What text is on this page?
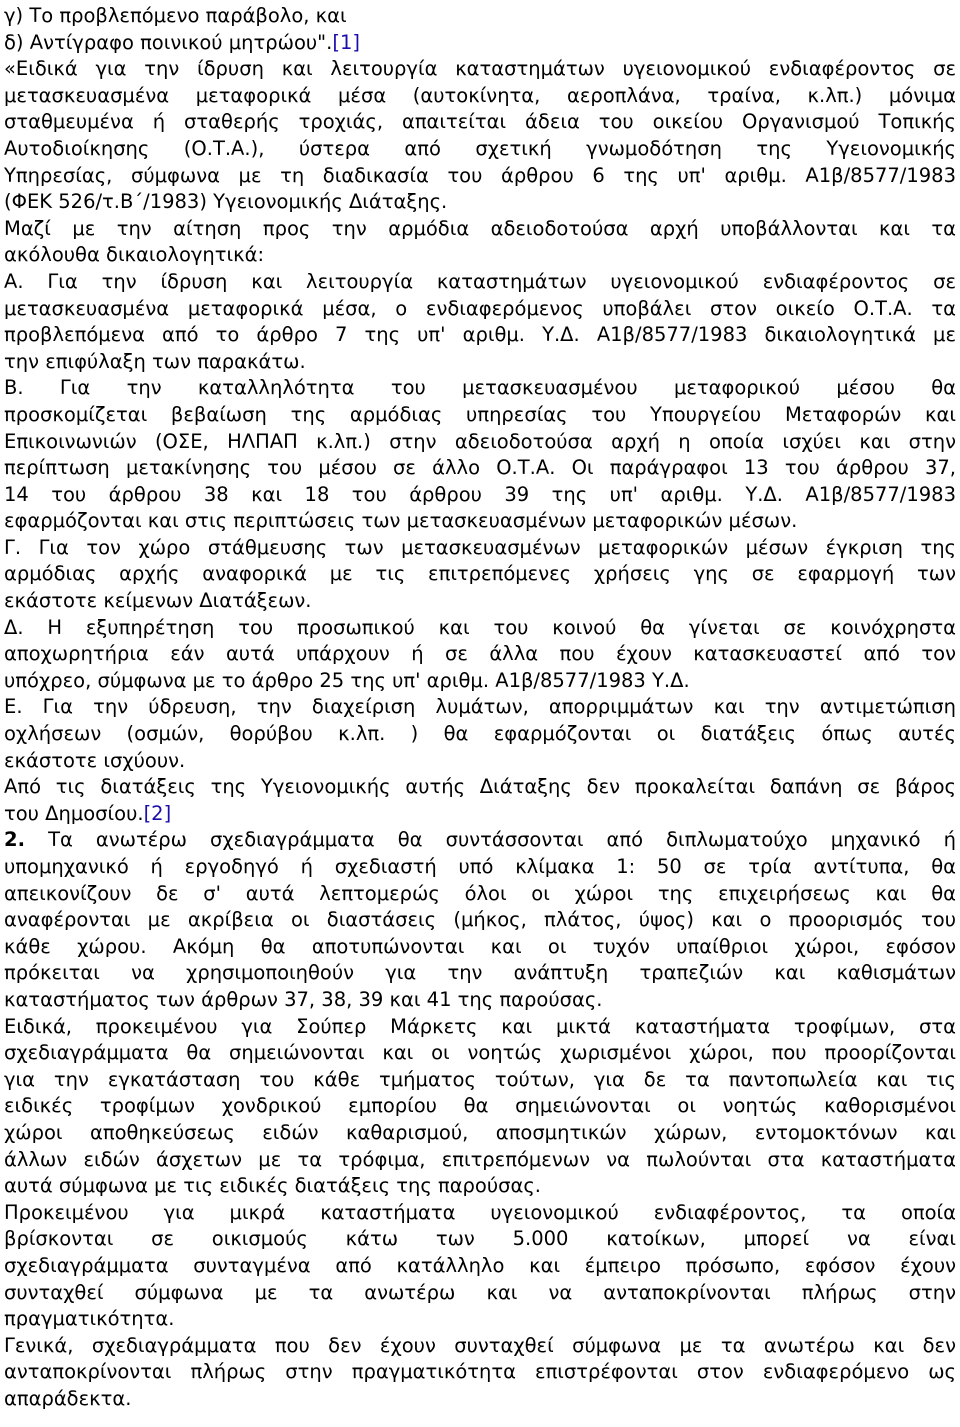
γ) Το προβλεπόμενο παράβολο, και
δ) Αντίγραφο ποινικού μητρώου".[1]
«Ειδικά για την ίδρυση και λειτουργία καταστημάτων υγειονομικού ενδιαφέροντος σε
μετασκευασμένα μεταφορικά μέσα (αυτοκίνητα, αεροπλάνα, τραίνα, κ.λπ.) μόνιμα
σταθμευμένα ή σταθερής τροχιάς, απαιτείται άδεια του οικείου Οργανισμού Τοπικής
Αυτοδιοίκησης (Ο.Τ.Α.), ύστερα από σχετική γνωμοδότηση της Υγειονομικής
Υπηρεσίας, σύμφωνα με τη διαδικασία του άρθρου 6 της υπ' αριθμ. Α1β/8577/1983
(ΦΕΚ 526/τ.Β΄/1983) Υγειονομικής Διάταξης.
Μαζί με την αίτηση προς την αρμόδια αδειοδοτούσα αρχή υποβάλλονται και τα
ακόλουθα δικαιολογητικά:
Α. Για την ίδρυση και λειτουργία καταστημάτων υγειονομικού ενδιαφέροντος σε
μετασκευασμένα μεταφορικά μέσα, ο ενδιαφερόμενος υποβάλει στον οικείο Ο.Τ.Α. τα
προβλεπόμενα από το άρθρο 7 της υπ' αριθμ. Υ.Δ. Α1β/8577/1983 δικαιολογητικά με
την επιφύλαξη των παρακάτω.
Β. Για την καταλληλότητα του μετασκευασμένου μεταφορικού μέσου θα
προσκομίζεται βεβαίωση της αρμόδιας υπηρεσίας του Υπουργείου Μεταφορών και
Επικοινωνιών (ΟΣΕ, ΗΛΠΑΠ κ.λπ.) στην αδειοδοτούσα αρχή η οποία ισχύει και στην
περίπτωση μετακίνησης του μέσου σε άλλο Ο.Τ.Α. Οι παράγραφοι 13 του άρθρου 37,
14 του άρθρου 38 και 18 του άρθρου 39 της υπ' αριθμ. Υ.Δ. Α1β/8577/1983
εφαρμόζονται και στις περιπτώσεις των μετασκευασμένων μεταφορικών μέσων.
Γ. Για τον χώρο στάθμευσης των μετασκευασμένων μεταφορικών μέσων έγκριση της
αρμόδιας αρχής αναφορικά με τις επιτρεπόμενες χρήσεις γης σε εφαρμογή των
εκάστοτε κείμενων Διατάξεων.
Δ. Η εξυπηρέτηση του προσωπικού και του κοινού θα γίνεται σε κοινόχρηστα
αποχωρητήρια εάν αυτά υπάρχουν ή σε άλλα που έχουν κατασκευαστεί από τον
υπόχρεο, σύμφωνα με το άρθρο 25 της υπ' αριθμ. Α1β/8577/1983 Υ.Δ.
Ε. Για την ύδρευση, την διαχείριση λυμάτων, απορριμμάτων και την αντιμετώπιση
οχλήσεων (οσμών, θορύβου κ.λπ. ) θα εφαρμόζονται οι διατάξεις όπως αυτές
εκάστοτε ισχύουν.
Από τις διατάξεις της Υγειονομικής αυτής Διάταξης δεν προκαλείται δαπάνη σε βάρος
του Δημοσίου.[2]
2. Τα ανωτέρω σχεδιαγράμματα θα συντάσσονται από διπλωματούχο μηχανικό ή
υπομηχανικό ή εργοδηγό ή σχεδιαστή υπό κλίμακα 1: 50 σε τρία αντίτυπα, θα
απεικονίζουν δε σ' αυτά λεπτομερώς όλοι οι χώροι της επιχειρήσεως και θα
αναφέρονται με ακρίβεια οι διαστάσεις (μήκος, πλάτος, ύψος) και ο προορισμός του
κάθε χώρου. Ακόμη θα αποτυπώνονται και οι τυχόν υπαίθριοι χώροι, εφόσον
πρόκειται να χρησιμοποιηθούν για την ανάπτυξη τραπεζιών και καθισμάτων
καταστήματος των άρθρων 37, 38, 39 και 41 της παρούσας.
Ειδικά, προκειμένου για Σούπερ Μάρκετς και μικτά καταστήματα τροφίμων, στα
σχεδιαγράμματα θα σημειώνονται και οι νοητώς χωρισμένοι χώροι, που προορίζονται
για την εγκατάσταση του κάθε τμήματος τούτων, για δε τα παντοπωλεία και τις
ειδικές τροφίμων χονδρικού εμπορίου θα σημειώνονται οι νοητώς καθορισμένοι
χώροι αποθηκεύσεως ειδών καθαρισμού, αποσμητικών χώρων, εντομοκτόνων και
άλλων ειδών άσχετων με τα τρόφιμα, επιτρεπόμενων να πωλούνται στα καταστήματα
αυτά σύμφωνα με τις ειδικές διατάξεις της παρούσας.
Προκειμένου για μικρά καταστήματα υγειονομικού ενδιαφέροντος, τα οποία
βρίσκονται σε οικισμούς κάτω των 5.000 κατοίκων, μπορεί να είναι
σχεδιαγράμματα συνταγμένα από κατάλληλο και έμπειρο πρόσωπο, εφόσον έχουν
συνταχθεί σύμφωνα με τα ανωτέρω και να ανταποκρίνονται πλήρως στην
πραγματικότητα.
Γενικά, σχεδιαγράμματα που δεν έχουν συνταχθεί σύμφωνα με τα ανωτέρω και δεν
ανταποκρίνονται πλήρως στην πραγματικότητα επιστρέφονται στον ενδιαφερόμενο ως
απαράδεκτα.
